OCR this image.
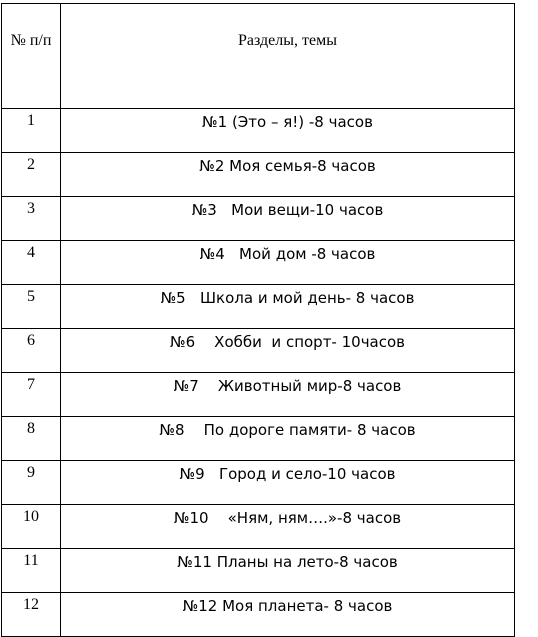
№ п/п	Разделы, темы
1	№1 (Это – я!) -8 часов
2	№2 Моя семья-8 часов
3	№3   Мои вещи-10 часов
4	№4   Мой дом -8 часов
5	№5   Школа и мой день- 8 часов
6	№6    Хобби  и спорт- 10часов
7	№7    Животный мир-8 часов
8	№8    По дороге памяти- 8 часов
9	№9   Город и село-10 часов
10	№10    «Ням, ням….»-8 часов
11	№11 Планы на лето-8 часов
12	№12 Моя планета- 8 часов
